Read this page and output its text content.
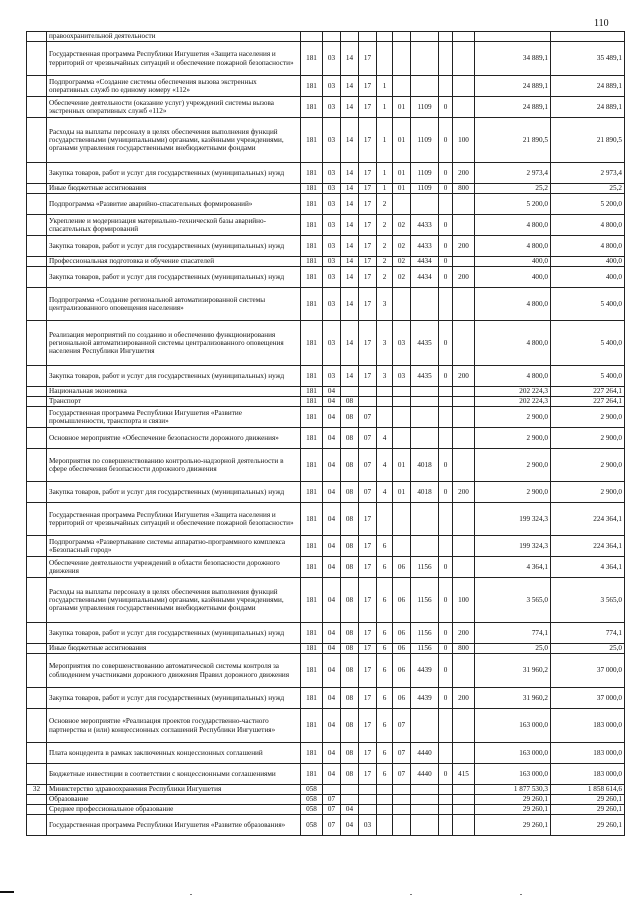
110
	правоохранительной деятельности											
	Государственная программа Республики Ингушетия «Защита населения и территорий от чрезвычайных ситуаций и обеспечение пожарной безопасности»	181	03	14	17						34 889,1	35 489,1
	Подпрограмма «Создание системы обеспечения вызова экстренных оперативных служб по единому номеру «112»	181	03	14	17	1					24 889,1	24 889,1
	Обеспечение деятельности (оказание услуг) учреждений системы вызова экстренных оперативных служб «112»	181	03	14	17	1	01	1109	0		24 889,1	24 889,1
	Расходы на выплаты персоналу в целях обеспечения выполнения функций государственными (муниципальными) органами, казёнными учреждениями, органами управления государственными внебюджетными фондами	181	03	14	17	1	01	1109	0	100	21 890,5	21 890,5
	Закупка товаров, работ и услуг для государственных (муниципальных) нужд	181	03	14	17	1	01	1109	0	200	2 973,4	2 973,4
	Иные бюджетные ассигнования	181	03	14	17	1	01	1109	0	800	25,2	25,2
	Подпрограмма «Развитие аварийно-спасательных формирований»	181	03	14	17	2					5 200,0	5 200,0
	Укрепление и модернизация материально-технической базы аварийно-спасательных формирований	181	03	14	17	2	02	4433	0		4 800,0	4 800,0
	Закупка товаров, работ и услуг для государственных (муниципальных) нужд	181	03	14	17	2	02	4433	0	200	4 800,0	4 800,0
	Профессиональная подготовка и обучение спасателей	181	03	14	17	2	02	4434	0		400,0	400,0
	Закупка товаров, работ и услуг для государственных (муниципальных) нужд	181	03	14	17	2	02	4434	0	200	400,0	400,0
	Подпрограмма «Создание региональной автоматизированной системы централизованного оповещения населения»	181	03	14	17	3					4 800,0	5 400,0
	Реализация мероприятий по созданию и обеспечению функционирования региональной автоматизированной системы централизованного оповещения населения Республики Ингушетия	181	03	14	17	3	03	4435	0		4 800,0	5 400,0
	Закупка товаров, работ и услуг для государственных (муниципальных) нужд	181	03	14	17	3	03	4435	0	200	4 800,0	5 400,0
	Национальная экономика	181	04								202 224,3	227 264,1
	Транспорт	181	04	08							202 224,3	227 264,1
	Государственная программа Республики Ингушетия «Развитие промышленности, транспорта и связи»	181	04	08	07						2 900,0	2 900,0
	Основное мероприятие «Обеспечение безопасности дорожного движения»	181	04	08	07	4					2 900,0	2 900,0
	Мероприятия по совершенствованию контрольно-надзорной деятельности в сфере обеспечения безопасности дорожного движения	181	04	08	07	4	01	4018	0		2 900,0	2 900,0
	Закупка товаров, работ и услуг для государственных (муниципальных) нужд	181	04	08	07	4	01	4018	0	200	2 900,0	2 900,0
	Государственная программа Республики Ингушетия «Защита населения и территорий от чрезвычайных ситуаций и обеспечение пожарной безопасности»	181	04	08	17						199 324,3	224 364,1
	Подпрограмма «Развертывание системы аппаратно-программного комплекса «Безопасный город»	181	04	08	17	6					199 324,3	224 364,1
	Обеспечение деятельности учреждений в области безопасности дорожного движения	181	04	08	17	6	06	1156	0		4 364,1	4 364,1
	Расходы на выплаты персоналу в целях обеспечения выполнения функций государственными (муниципальными) органами, казёнными учреждениями, органами управления государственными внебюджетными фондами	181	04	08	17	6	06	1156	0	100	3 565,0	3 565,0
	Закупка товаров, работ и услуг для государственных (муниципальных) нужд	181	04	08	17	6	06	1156	0	200	774,1	774,1
	Иные бюджетные ассигнования	181	04	08	17	6	06	1156	0	800	25,0	25,0
	Мероприятия по совершенствованию автоматической системы контроля за соблюдением участниками дорожного движения Правил дорожного движения	181	04	08	17	6	06	4439	0		31 960,2	37 000,0
	Закупка товаров, работ и услуг для государственных (муниципальных) нужд	181	04	08	17	6	06	4439	0	200	31 960,2	37 000,0
	Основное мероприятие «Реализация проектов государственно-частного партнерства и (или) концессионных соглашений Республики Ингушетия»	181	04	08	17	6	07				163 000,0	183 000,0
	Плата концедента в рамках заключенных концессионных соглашений	181	04	08	17	6	07	4440			163 000,0	183 000,0
	Бюджетные инвестиции в соответствии с концессионными соглашениями	181	04	08	17	6	07	4440	0	415	163 000,0	183 000,0
32	Министерство здравоохранения Республики Ингушетия	058									1 877 530,3	1 858 614,6
	Образование	058	07								29 260,1	29 260,1
	Среднее профессиональное образование	058	07	04							29 260,1	29 260,1
	Государственная программа Республики Ингушетия «Развитие образования»	058	07	04	03						29 260,1	29 260,1
